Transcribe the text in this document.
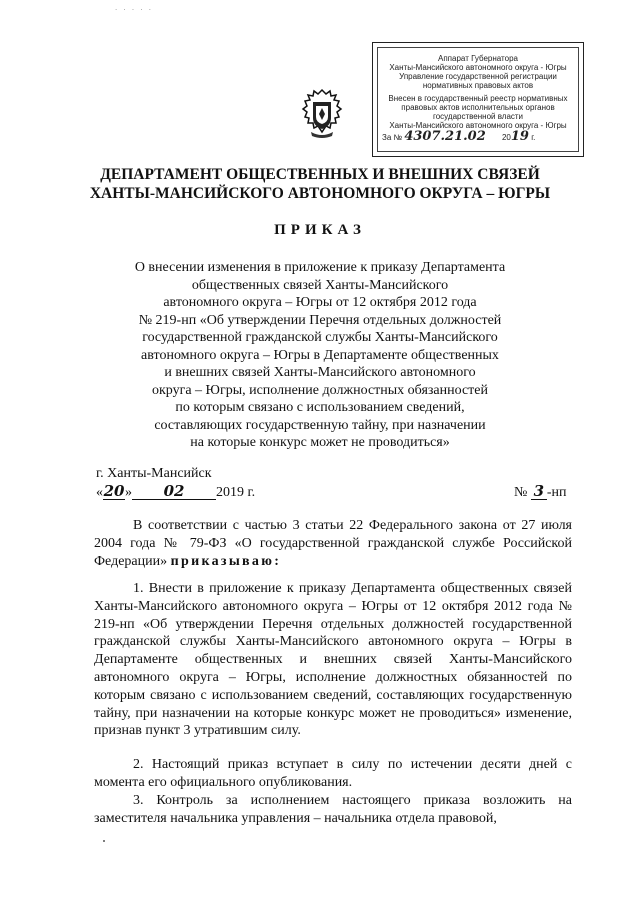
· · · · ·
Аппарат Губернатора
Ханты-Мансийского автономного округа - Югры
Управление государственной регистрации
нормативных правовых актов
Внесен в государственный реестр нормативных
правовых актов исполнительных органов
государственной власти
Ханты-Мансийского автономного округа - Югры
За № 4307.21.02 2019 г.
ДЕПАРТАМЕНТ ОБЩЕСТВЕННЫХ И ВНЕШНИХ СВЯЗЕЙ
ХАНТЫ-МАНСИЙСКОГО АВТОНОМНОГО ОКРУГА – ЮГРЫ
ПРИКАЗ
О внесении изменения в приложение к приказу Департамента
общественных связей Ханты-Мансийского
автономного округа – Югры от 12 октября 2012 года
№ 219-нп «Об утверждении Перечня отдельных должностей
государственной гражданской службы Ханты-Мансийского
автономного округа – Югры в Департаменте общественных
и внешних связей Ханты-Мансийского автономного
округа – Югры, исполнение должностных обязанностей
по которым связано с использованием сведений,
составляющих государственную тайну, при назначении
на которые конкурс может не проводиться»
г. Ханты-Мансийск
«20» 02 2019 г.	№ 3 -нп

В соответствии с частью 3 статьи 22 Федерального закона от 27 июля 2004 года № 79-ФЗ «О государственной гражданской службе Российской Федерации» приказываю:

1. Внести в приложение к приказу Департамента общественных связей Ханты-Мансийского автономного округа – Югры от 12 октября 2012 года № 219-нп «Об утверждении Перечня отдельных должностей государственной гражданской службы Ханты-Мансийского автономного округа – Югры в Департаменте общественных и внешних связей Ханты-Мансийского автономного округа – Югры, исполнение должностных обязанностей по которым связано с использованием сведений, составляющих государственную тайну, при назначении на которые конкурс может не проводиться» изменение, признав пункт 3 утратившим силу.

2. Настоящий приказ вступает в силу по истечении десяти дней с момента его официального опубликования.

3. Контроль за исполнением настоящего приказа возложить на заместителя начальника управления – начальника отдела правовой,
